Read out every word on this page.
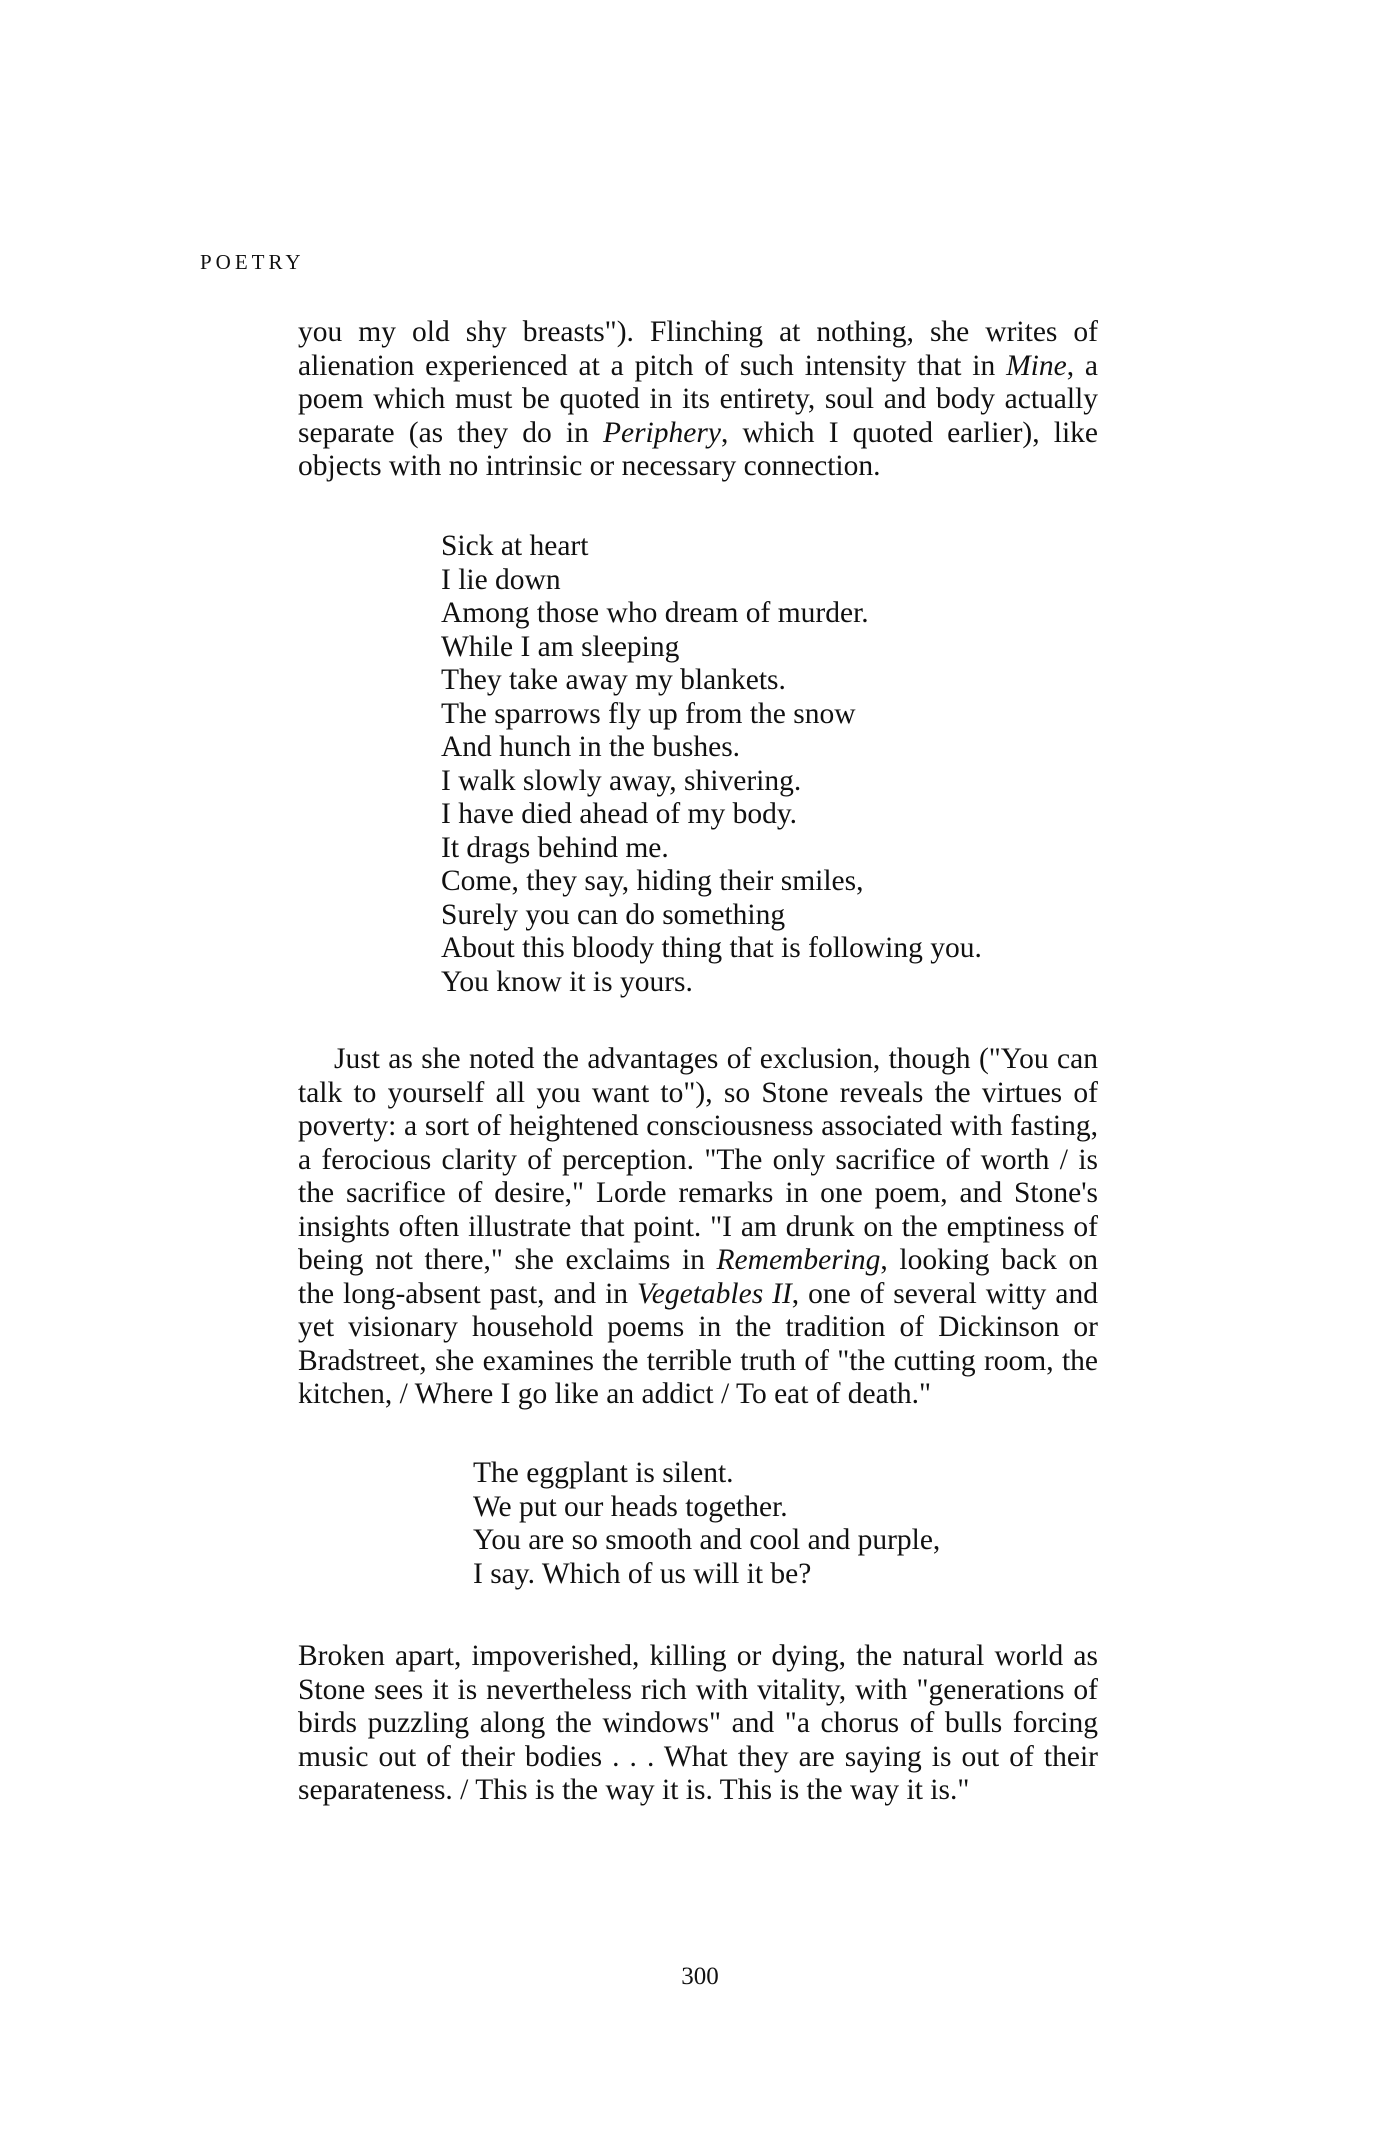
POETRY

you my old shy breasts"). Flinching at nothing, she writes of alienation experienced at a pitch of such intensity that in Mine, a poem which must be quoted in its entirety, soul and body actually separate (as they do in Periphery, which I quoted earlier), like objects with no intrinsic or necessary connection.

Sick at heart
I lie down
Among those who dream of murder.
While I am sleeping
They take away my blankets.
The sparrows fly up from the snow
And hunch in the bushes.
I walk slowly away, shivering.
I have died ahead of my body.
It drags behind me.
Come, they say, hiding their smiles,
Surely you can do something
About this bloody thing that is following you.
You know it is yours.

Just as she noted the advantages of exclusion, though ("You can talk to yourself all you want to"), so Stone reveals the virtues of poverty: a sort of heightened consciousness associated with fasting, a ferocious clarity of perception. "The only sacrifice of worth / is the sacrifice of desire," Lorde remarks in one poem, and Stone's insights often illustrate that point. "I am drunk on the emptiness of being not there," she exclaims in Remembering, looking back on the long-absent past, and in Vegetables II, one of several witty and yet visionary household poems in the tradition of Dickinson or Bradstreet, she examines the terrible truth of "the cutting room, the kitchen, / Where I go like an addict / To eat of death."

The eggplant is silent.
We put our heads together.
You are so smooth and cool and purple,
I say. Which of us will it be?

Broken apart, impoverished, killing or dying, the natural world as Stone sees it is nevertheless rich with vitality, with "generations of birds puzzling along the windows" and "a chorus of bulls forcing music out of their bodies . . . What they are saying is out of their separateness. / This is the way it is. This is the way it is."

300
